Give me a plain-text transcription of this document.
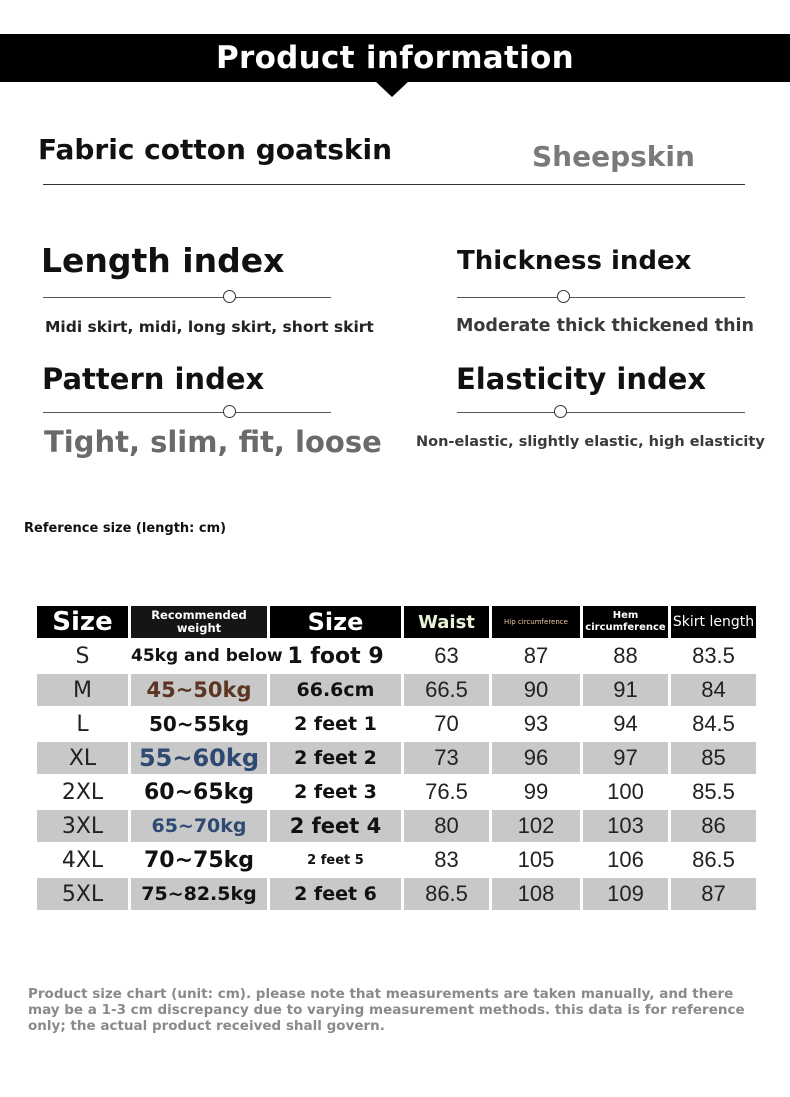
Product information
Fabric cotton goatskin	Sheepskin
Length index
Midi skirt, midi, long skirt, short skirt
Thickness index
Moderate thick thickened thin
Pattern index
Tight, slim, fit, loose
Elasticity index
Non-elastic, slightly elastic, high elasticity
Reference size (length: cm)
Size	Recommended weight	Size	Waist	Hip circumference	Hem circumference	Skirt length
S	45kg and below	1 foot 9	63	87	88	83.5
M	45~50kg	66.6cm	66.5	90	91	84
L	50~55kg	2 feet 1	70	93	94	84.5
XL	55~60kg	2 feet 2	73	96	97	85
2XL	60~65kg	2 feet 3	76.5	99	100	85.5
3XL	65~70kg	2 feet 4	80	102	103	86
4XL	70~75kg	2 feet 5	83	105	106	86.5
5XL	75~82.5kg	2 feet 6	86.5	108	109	87
Product size chart (unit: cm). please note that measurements are taken manually, and there may be a 1-3 cm discrepancy due to varying measurement methods. this data is for reference only; the actual product received shall govern.
